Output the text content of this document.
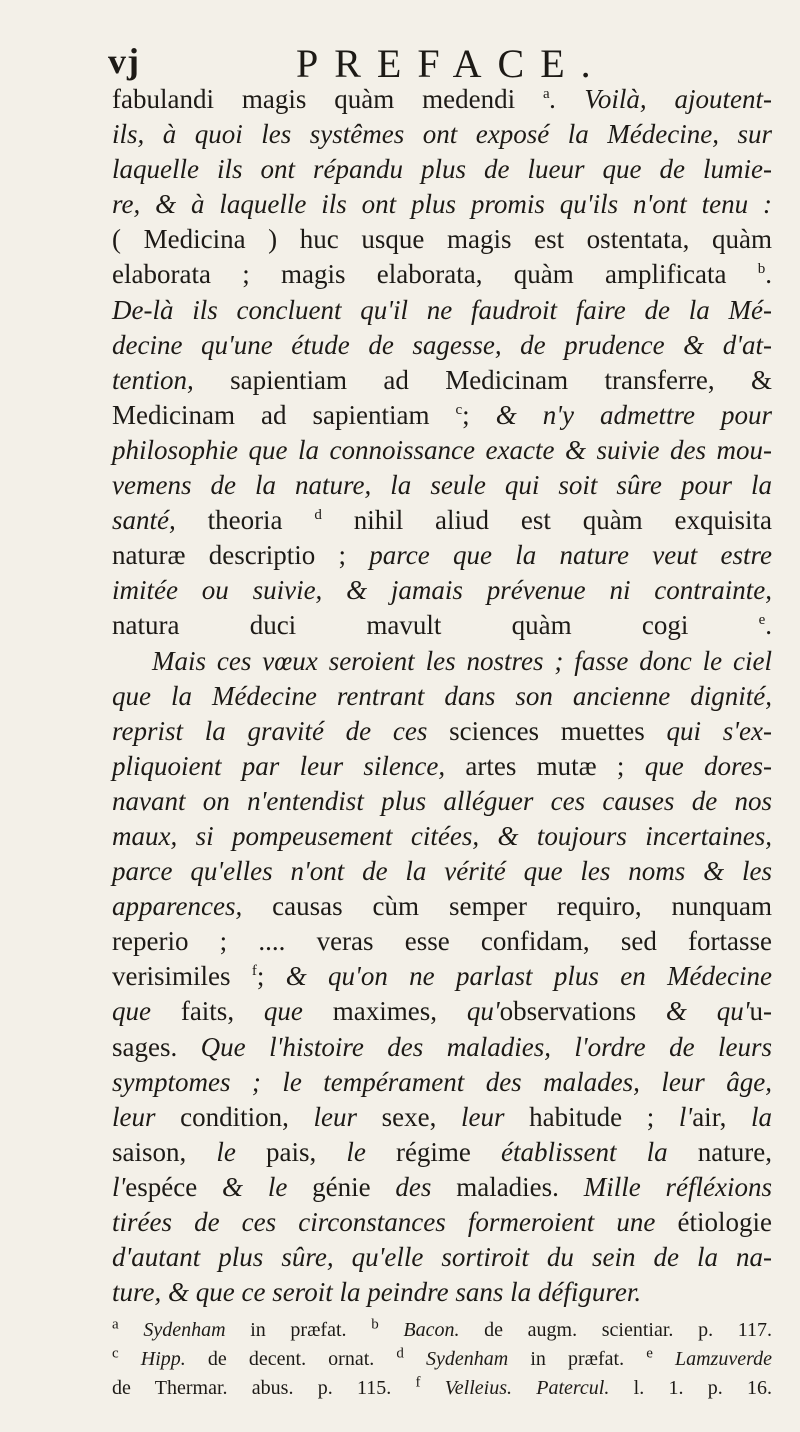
vj	PREFACE.
fabulandi magis quàm medendi $^a$. Voilà, ajoutent-
ils, à quoi les systêmes ont exposé la Médecine, sur
laquelle ils ont répandu plus de lueur que de lumie-
re, & à laquelle ils ont plus promis qu'ils n'ont tenu :
( Medicina ) huc usque magis est ostentata, quàm
elaborata ; magis elaborata, quàm amplificata $^b$.
De-là ils concluent qu'il ne faudroit faire de la Mé-
decine qu'une étude de sagesse, de prudence & d'at-
tention, sapientiam ad Medicinam transferre, &
Medicinam ad sapientiam $^c$; & n'y admettre pour
philosophie que la connoissance exacte & suivie des mou-
vemens de la nature, la seule qui soit sûre pour la
santé, theoria $^d$ nihil aliud est quàm exquisita
naturæ descriptio ; parce que la nature veut estre
imitée ou suivie, & jamais prévenue ni contrainte,
natura duci mavult quàm cogi $^e$.
Mais ces vœux seroient les nostres ; fasse donc le ciel
que la Médecine rentrant dans son ancienne dignité,
reprist la gravité de ces sciences muettes qui s'ex-
pliquoient par leur silence, artes mutæ ; que dores-
navant on n'entendist plus alléguer ces causes de nos
maux, si pompeusement citées, & toujours incertaines,
parce qu'elles n'ont de la vérité que les noms & les
apparences, causas cùm semper requiro, nunquam
reperio ; .... veras esse confidam, sed fortasse
verisimiles $^f$; & qu'on ne parlast plus en Médecine
que faits, que maximes, qu'observations & qu'u-
sages. Que l'histoire des maladies, l'ordre de leurs
symptomes ; le tempérament des malades, leur âge,
leur condition, leur sexe, leur habitude ; l'air, la
saison, le pais, le régime établissent la nature,
l'espéce & le génie des maladies. Mille réfléxions
tirées de ces circonstances formeroient une étiologie
d'autant plus sûre, qu'elle sortiroit du sein de la na-
ture, & que ce seroit la peindre sans la défigurer.
$^a$ Sydenham in præfat. $^b$ Bacon. de augm. scientiar. p. 117.
$^c$ Hipp. de decent. ornat. $^d$ Sydenham in præfat. $^e$ Lamzuverde
de Thermar. abus. p. 115. $^f$ Velleius. Patercul. l. 1. p. 16.
